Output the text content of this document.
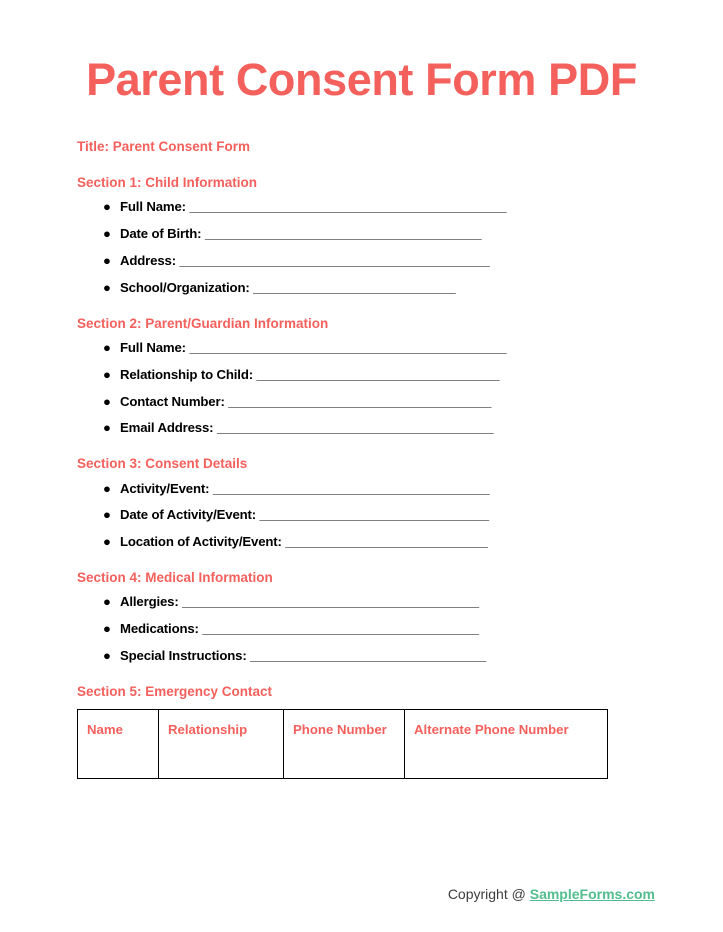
Parent Consent Form PDF

Title: Parent Consent Form

Section 1: Child Information
● Full Name: _______________________________________________
● Date of Birth: _________________________________________
● Address: ______________________________________________
● School/Organization: ______________________________
Section 2: Parent/Guardian Information
● Full Name: _______________________________________________
● Relationship to Child: ____________________________________
● Contact Number: _______________________________________
● Email Address: _________________________________________
Section 3: Consent Details
● Activity/Event: _________________________________________
● Date of Activity/Event: __________________________________
● Location of Activity/Event: ______________________________
Section 4: Medical Information
● Allergies: ____________________________________________
● Medications: _________________________________________
● Special Instructions: ___________________________________
Section 5: Emergency Contact
Name	Relationship	Phone Number	Alternate Phone Number
Copyright @ SampleForms.com
